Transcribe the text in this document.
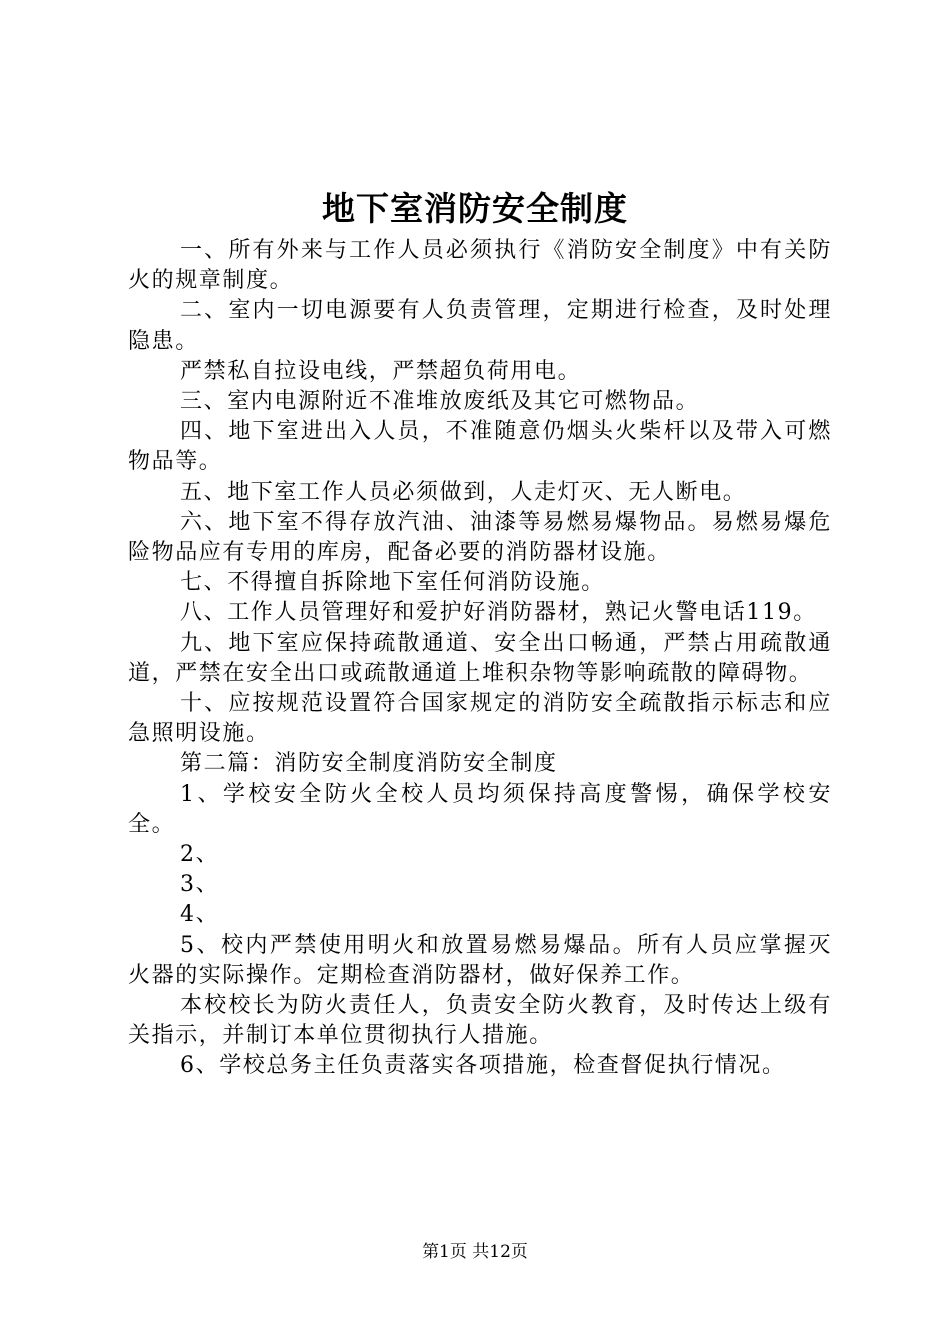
地下室消防安全制度

一、所有外来与工作人员必须执行《消防安全制度》中有关防火的规章制度。

二、室内一切电源要有人负责管理，定期进行检查，及时处理隐患。

严禁私自拉设电线，严禁超负荷用电。

三、室内电源附近不准堆放废纸及其它可燃物品。

四、地下室进出入人员，不准随意仍烟头火柴杆以及带入可燃物品等。

五、地下室工作人员必须做到，人走灯灭、无人断电。

六、地下室不得存放汽油、油漆等易燃易爆物品。易燃易爆危险物品应有专用的库房，配备必要的消防器材设施。

七、不得擅自拆除地下室任何消防设施。

八、工作人员管理好和爱护好消防器材，熟记火警电话119。

九、地下室应保持疏散通道、安全出口畅通，严禁占用疏散通道，严禁在安全出口或疏散通道上堆积杂物等影响疏散的障碍物。

十、应按规范设置符合国家规定的消防安全疏散指示标志和应急照明设施。

第二篇：消防安全制度消防安全制度

1、学校安全防火全校人员均须保持高度警惕，确保学校安全。

2、

3、

4、

5、校内严禁使用明火和放置易燃易爆品。所有人员应掌握灭火器的实际操作。定期检查消防器材，做好保养工作。

本校校长为防火责任人，负责安全防火教育，及时传达上级有关指示，并制订本单位贯彻执行人措施。

6、学校总务主任负责落实各项措施，检查督促执行情况。

第1页 共12页
